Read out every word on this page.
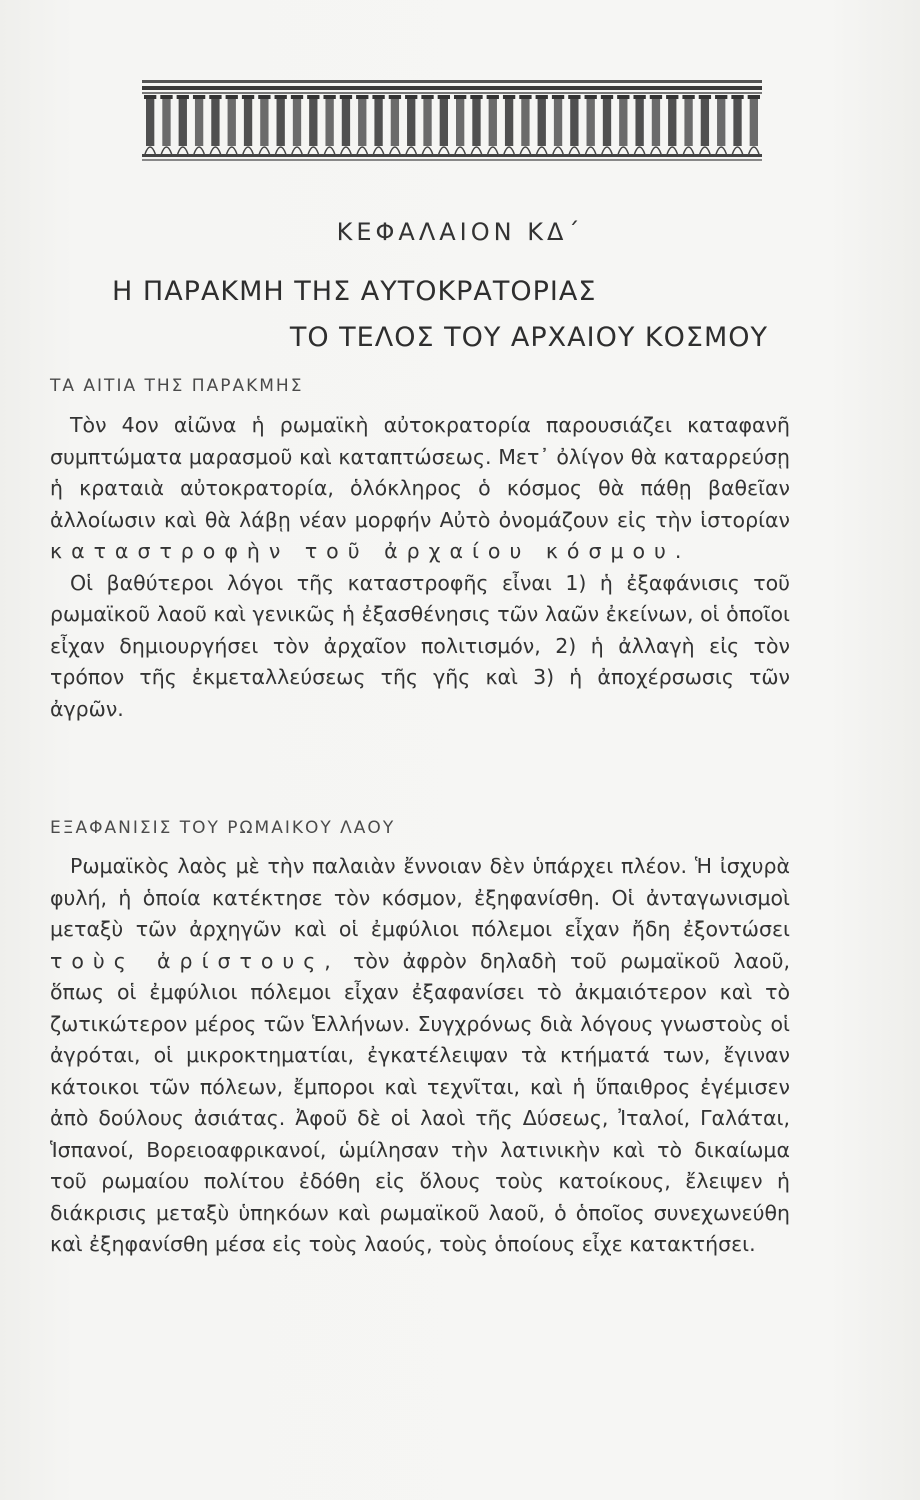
ΚΕΦΑΛΑΙΟΝ ΚΔ΄
Η ΠΑΡΑΚΜΗ ΤΗΣ ΑΥΤΟΚΡΑΤΟΡΙΑΣ
ΤΟ ΤΕΛΟΣ ΤΟΥ ΑΡΧΑΙΟΥ ΚΟΣΜΟΥ
ΤΑ ΑΙΤΙΑ ΤΗΣ ΠΑΡΑΚΜΗΣ

Τὸν 4ον αἰῶνα ἡ ρωμαϊκὴ αὐτοκρατορία παρουσιάζει καταφανῆ συμπτώματα μαρασμοῦ καὶ καταπτώσεως. Μετ᾽ ὀλίγον θὰ καταρρεύσῃ ἡ κραταιὰ αὐτοκρατορία, ὁλόκληρος ὁ κόσμος θὰ πάθῃ βαθεῖαν ἀλλοίωσιν καὶ θὰ λάβῃ νέαν μορφήν Αὐτὸ ὀνομάζουν εἰς τὴν ἱστορίαν καταστροφὴν τοῦ ἀρχαίου κόσμου.

Οἱ βαθύτεροι λόγοι τῆς καταστροφῆς εἶναι 1) ἡ ἐξαφάνισις τοῦ ρωμαϊκοῦ λαοῦ καὶ γενικῶς ἡ ἐξασθένησις τῶν λαῶν ἐκείνων, οἱ ὁποῖοι εἶχαν δημιουργήσει τὸν ἀρχαῖον πολιτισμόν, 2) ἡ ἀλλαγὴ εἰς τὸν τρόπον τῆς ἐκμεταλλεύσεως τῆς γῆς καὶ 3) ἡ ἀποχέρσωσις τῶν ἀγρῶν.

ΕΞΑΦΑΝΙΣΙΣ ΤΟΥ ΡΩΜΑΙΚΟΥ ΛΑΟΥ

Ρωμαϊκὸς λαὸς μὲ τὴν παλαιὰν ἔννοιαν δὲν ὑπάρχει πλέον. Ἡ ἰσχυρὰ φυλή, ἡ ὁποία κατέκτησε τὸν κόσμον, ἐξηφανίσθη. Οἱ ἀνταγωνισμοὶ μεταξὺ τῶν ἀρχηγῶν καὶ οἱ ἐμφύλιοι πόλεμοι εἶχαν ἤδη ἐξοντώσει τοὺς ἀρίστους, τὸν ἀφρὸν δηλαδὴ τοῦ ρωμαϊκοῦ λαοῦ, ὅπως οἱ ἐμφύλιοι πόλεμοι εἶχαν ἐξαφανίσει τὸ ἀκμαιότερον καὶ τὸ ζωτικώτερον μέρος τῶν Ἑλλήνων. Συγχρόνως διὰ λόγους γνωστοὺς οἱ ἀγρόται, οἱ μικροκτηματίαι, ἐγκατέλειψαν τὰ κτήματά των, ἔγιναν κάτοικοι τῶν πόλεων, ἔμποροι καὶ τεχνῖται, καὶ ἡ ὕπαιθρος ἐγέμισεν ἀπὸ δούλους ἀσιάτας. Ἀφοῦ δὲ οἱ λαοὶ τῆς Δύσεως, Ἰταλοί, Γαλάται, Ἱσπανοί, Βορειοαφρικανοί, ὡμίλησαν τὴν λατινικὴν καὶ τὸ δικαίωμα τοῦ ρωμαίου πολίτου ἐδόθη εἰς ὅλους τοὺς κατοίκους, ἔλειψεν ἡ διάκρισις μεταξὺ ὑπηκόων καὶ ρωμαϊκοῦ λαοῦ, ὁ ὁποῖος συνεχωνεύθη καὶ ἐξηφανίσθη μέσα εἰς τοὺς λαούς, τοὺς ὁποίους εἶχε κατακτήσει.
